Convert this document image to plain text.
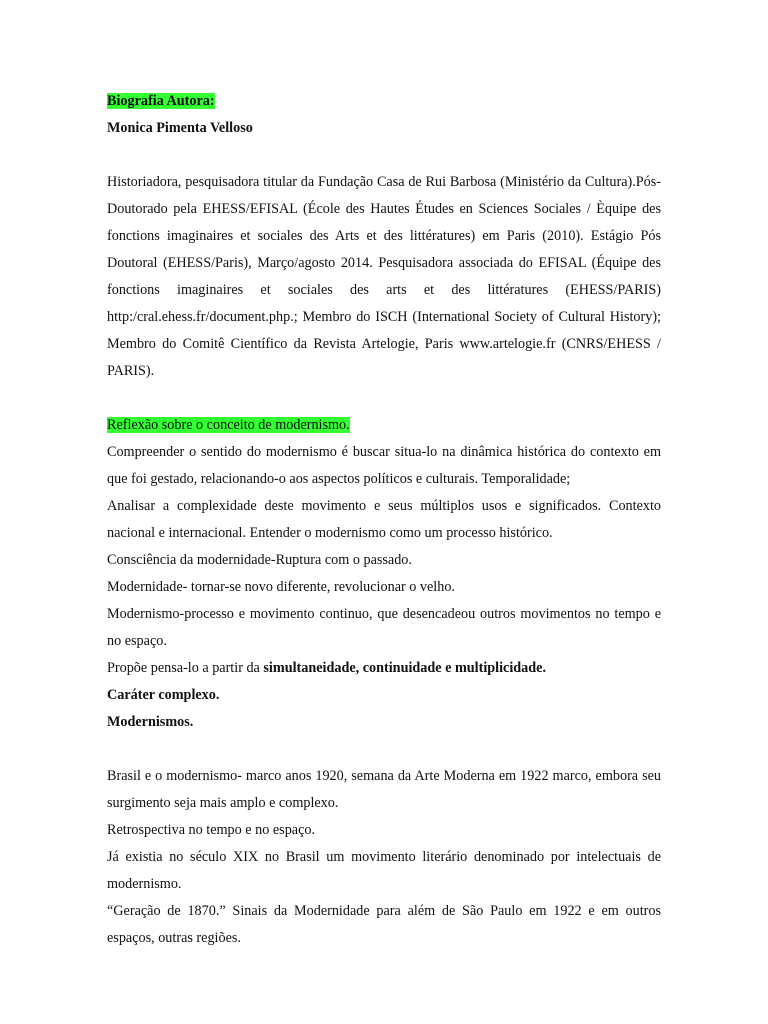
Biografia Autora:

Monica Pimenta Velloso

Historiadora, pesquisadora titular da Fundação Casa de Rui Barbosa (Ministério da Cultura).Pós-Doutorado pela EHESS/EFISAL (École des Hautes Études en Sciences Sociales / Èquipe des fonctions imaginaires et sociales des Arts et des littératures) em Paris (2010). Estágio Pós Doutoral (EHESS/Paris), Março/agosto 2014. Pesquisadora associada do EFISAL (Équipe des fonctions imaginaires et sociales des arts et des littératures (EHESS/PARIS) http:/cral.ehess.fr/document.php.; Membro do ISCH (International Society of Cultural History); Membro do Comitê Científico da Revista Artelogie, Paris www.artelogie.fr (CNRS/EHESS / PARIS).

Reflexão sobre o conceito de modernismo.

Compreender o sentido do modernismo é buscar situa-lo na dinâmica histórica do contexto em que foi gestado, relacionando-o aos aspectos políticos e culturais. Temporalidade;

Analisar a complexidade deste movimento e seus múltiplos usos e significados. Contexto nacional e internacional. Entender o modernismo como um processo histórico.

Consciência da modernidade-Ruptura com o passado.

Modernidade- tornar-se novo diferente, revolucionar o velho.

Modernismo-processo e movimento continuo, que desencadeou outros movimentos no tempo e no espaço.

Propõe pensa-lo a partir da simultaneidade, continuidade e multiplicidade.

Caráter complexo.

Modernismos.

Brasil e o modernismo- marco anos 1920, semana da Arte Moderna em 1922 marco, embora seu surgimento seja mais amplo e complexo.

Retrospectiva no tempo e no espaço.

Já existia no século XIX no Brasil um movimento literário denominado por intelectuais de modernismo.

“Geração de 1870.” Sinais da Modernidade para além de São Paulo em 1922 e em outros espaços, outras regiões.
